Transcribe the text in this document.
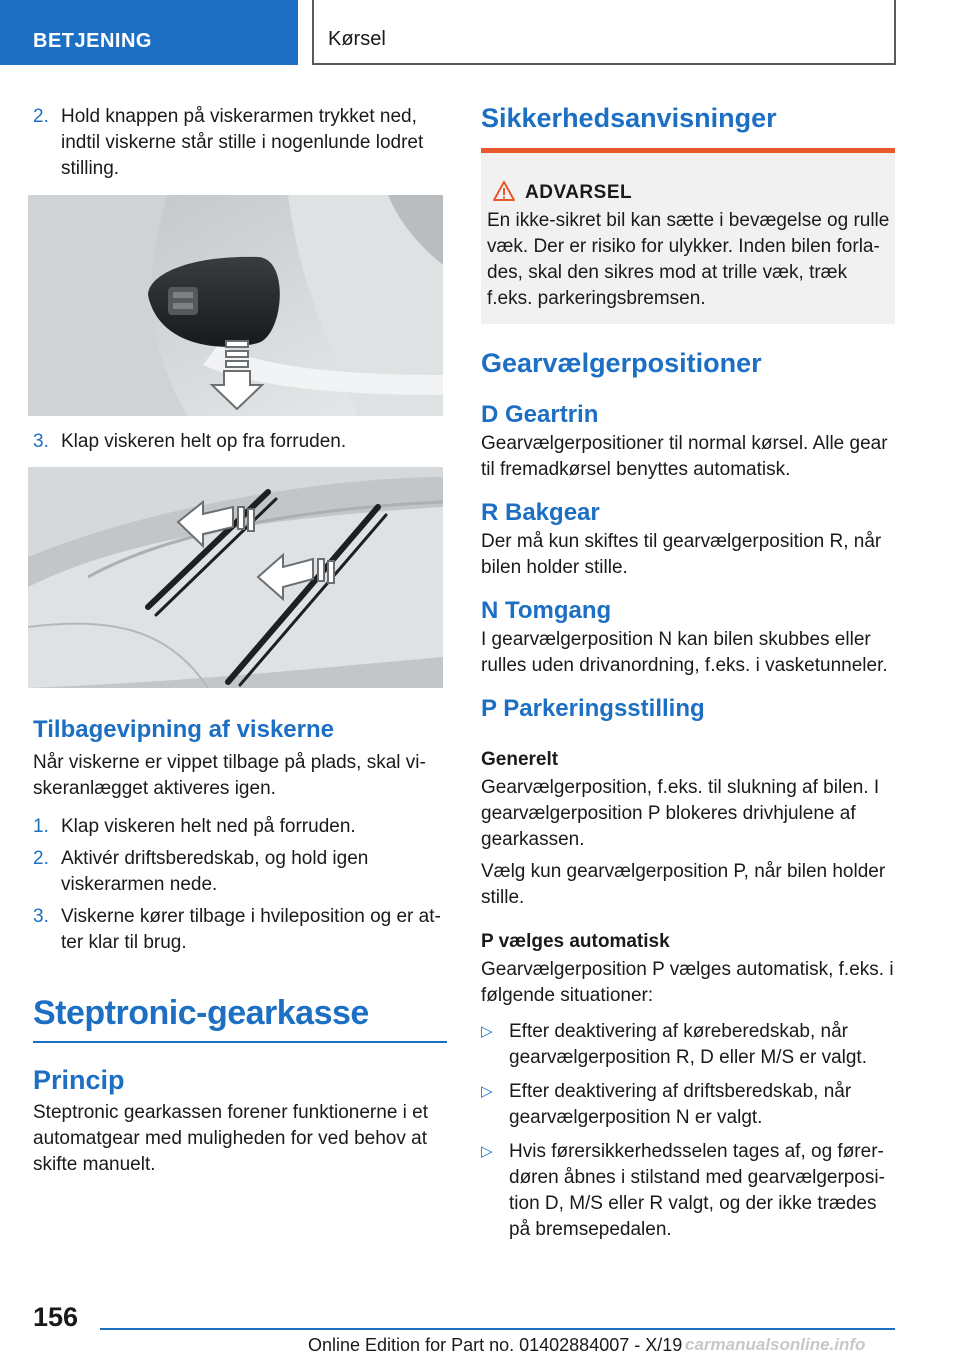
BETJENING	Kørsel
2. Hold knappen på viskerarmen trykket ned, indtil viskerne står stille i nogenlunde lodret stilling.
3. Klap viskeren helt op fra forruden.
Tilbagevipning af viskerne

Når viskerne er vippet tilbage på plads, skal viskeranlægget aktiveres igen.

1. Klap viskeren helt ned på forruden.
2. Aktivér driftsberedskab, og hold igen viskerarmen nede.
3. Viskerne kører tilbage i hvileposition og er atter klar til brug.
Steptronic-gearkasse
Princip

Steptronic gearkassen forener funktionerne i et automatgear med muligheden for ved behov at skifte manuelt.

Sikkerhedsanvisninger
ADVARSEL
En ikke-sikret bil kan sætte i bevægelse og rulle væk. Der er risiko for ulykker. Inden bilen forlades, skal den sikres mod at trille væk, træk f.eks. parkeringsbremsen.
Gearvælgerpositioner
D Geartrin

Gearvælgerpositioner til normal kørsel. Alle gear til fremadkørsel benyttes automatisk.

R Bakgear

Der må kun skiftes til gearvælgerposition R, når bilen holder stille.

N Tomgang

I gearvælgerposition N kan bilen skubbes eller rulles uden drivanordning, f.eks. i vasketunneler.

P Parkeringsstilling
Generelt

Gearvælgerposition, f.eks. til slukning af bilen. I gearvælgerposition P blokeres drivhjulene af gearkassen.

Vælg kun gearvælgerposition P, når bilen holder stille.

P vælges automatisk

Gearvælgerposition P vælges automatisk, f.eks. i følgende situationer:

▷ Efter deaktivering af køreberedskab, når gearvælgerposition R, D eller M/S er valgt.
▷ Efter deaktivering af driftsberedskab, når gearvælgerposition N er valgt.
▷ Hvis førersikkerhedsselen tages af, og førerdøren åbnes i stilstand med gearvælgerposition D, M/S eller R valgt, og der ikke trædes på bremsepedalen.
156
Online Edition for Part no. 01402884007 - X/19 carmanualsonline.info
